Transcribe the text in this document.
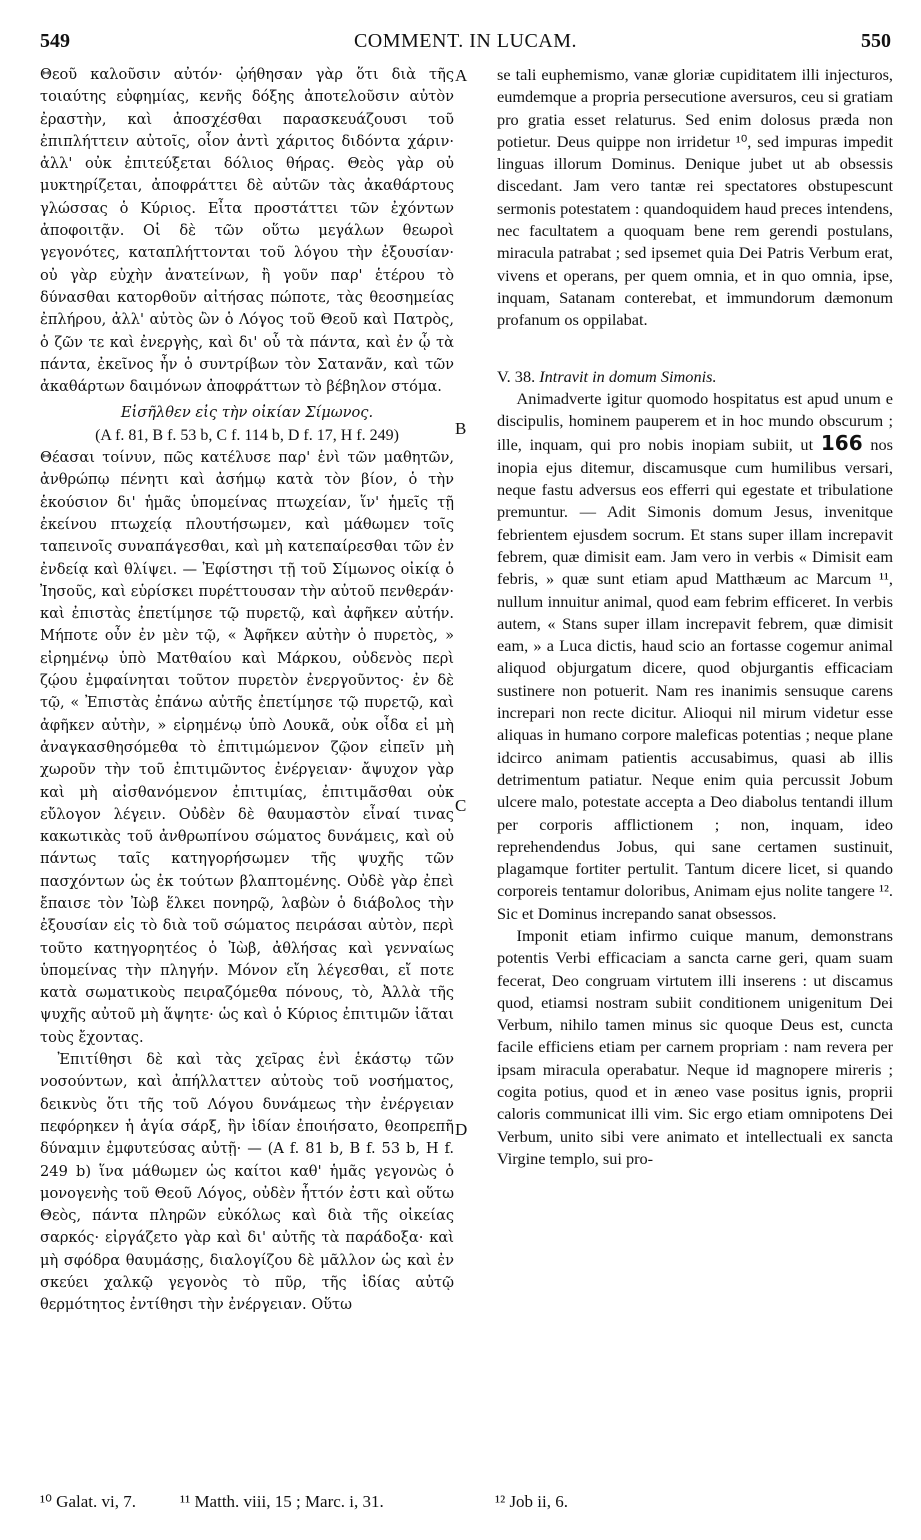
549	COMMENT. IN LUCAM.	550

Θεοῦ καλοῦσιν αὐτόν· ᾠήθησαν γὰρ ὅτι διὰ τῆς τοιαύτης εὐφημίας, κενῆς δόξης ἀποτελοῦσιν αὐτὸν ἐραστὴν, καὶ ἀποσχέσθαι παρασκευάζουσι τοῦ ἐπιπλήττειν αὐτοῖς, οἷον ἀντὶ χάριτος διδόντα χάριν· ἀλλ' οὐκ ἐπιτεύξεται δόλιος θήρας. Θεὸς γὰρ οὐ μυκτηρίζεται, ἀποφράττει δὲ αὐτῶν τὰς ἀκαθάρτους γλώσσας ὁ Κύριος. Εἶτα προστάττει τῶν ἐχόντων ἀποφοιτᾷν. Οἱ δὲ τῶν οὕτω μεγάλων θεωροὶ γεγονότες, καταπλήττονται τοῦ λόγου τὴν ἐξουσίαν· οὐ γὰρ εὐχὴν ἀνατείνων, ἢ γοῦν παρ' ἑτέρου τὸ δύνασθαι κατορθοῦν αἰτήσας πώποτε, τὰς θεοσημείας ἐπλήρου, ἀλλ' αὐτὸς ὢν ὁ Λόγος τοῦ Θεοῦ καὶ Πατρὸς, ὁ ζῶν τε καὶ ἐνεργὴς, καὶ δι' οὗ τὰ πάντα, καὶ ἐν ᾧ τὰ πάντα, ἐκεῖνος ἦν ὁ συντρίβων τὸν Σατανᾶν, καὶ τῶν ἀκαθάρτων δαιμόνων ἀποφράττων τὸ βέβηλον στόμα.

Εἰσῆλθεν εἰς τὴν οἰκίαν Σίμωνος.

(A f. 81, B f. 53 b, C f. 114 b, D f. 17, H f. 249)

Θέασαι τοίνυν, πῶς κατέλυσε παρ' ἑνὶ τῶν μαθητῶν, ἀνθρώπῳ πένητι καὶ ἀσήμῳ κατὰ τὸν βίον, ὁ τὴν ἑκούσιον δι' ἡμᾶς ὑπομείνας πτωχείαν, ἵν' ἡμεῖς τῇ ἐκείνου πτωχείᾳ πλουτήσωμεν, καὶ μάθωμεν τοῖς ταπεινοῖς συναπάγεσθαι, καὶ μὴ κατεπαίρεσθαι τῶν ἐν ἐνδείᾳ καὶ θλίψει. — Ἐφίστησι τῇ τοῦ Σίμωνος οἰκίᾳ ὁ Ἰησοῦς, καὶ εὑρίσκει πυρέττουσαν τὴν αὐτοῦ πενθεράν· καὶ ἐπιστὰς ἐπετίμησε τῷ πυρετῷ, καὶ ἀφῆκεν αὐτήν. Μήποτε οὖν ἐν μὲν τῷ, « Ἀφῆκεν αὐτὴν ὁ πυρετὸς, » εἰρημένῳ ὑπὸ Ματθαίου καὶ Μάρκου, οὐδενὸς περὶ ζῴου ἐμφαίνηται τοῦτον πυρετὸν ἐνεργοῦντος· ἐν δὲ τῷ, « Ἐπιστὰς ἐπάνω αὐτῆς ἐπετίμησε τῷ πυρετῷ, καὶ ἀφῆκεν αὐτὴν, » εἰρημένῳ ὑπὸ Λουκᾶ, οὐκ οἶδα εἰ μὴ ἀναγκασθησόμεθα τὸ ἐπιτιμώμενον ζῷον εἰπεῖν μὴ χωροῦν τὴν τοῦ ἐπιτιμῶντος ἐνέργειαν· ἄψυχον γὰρ καὶ μὴ αἰσθανόμενον ἐπιτιμίας, ἐπιτιμᾶσθαι οὐκ εὔλογον λέγειν. Οὐδὲν δὲ θαυμαστὸν εἶναί τινας κακωτικὰς τοῦ ἀνθρωπίνου σώματος δυνάμεις, καὶ οὐ πάντως ταῖς κατηγορήσωμεν τῆς ψυχῆς τῶν πασχόντων ὡς ἐκ τούτων βλαπτομένης. Οὐδὲ γὰρ ἐπεὶ ἔπαισε τὸν Ἰὼβ ἕλκει πονηρῷ, λαβὼν ὁ διάβολος τὴν ἐξουσίαν εἰς τὸ διὰ τοῦ σώματος πειράσαι αὐτὸν, περὶ τοῦτο κατηγορητέος ὁ Ἰὼβ, ἀθλήσας καὶ γενναίως ὑπομείνας τὴν πληγήν. Μόνον εἴη λέγεσθαι, εἴ ποτε κατὰ σωματικοὺς πειραζόμεθα πόνους, τὸ, Ἀλλὰ τῆς ψυχῆς αὐτοῦ μὴ ἅψητε· ὡς καὶ ὁ Κύριος ἐπιτιμῶν ἰᾶται τοὺς ἔχοντας.

Ἐπιτίθησι δὲ καὶ τὰς χεῖρας ἑνὶ ἑκάστῳ τῶν νοσούντων, καὶ ἀπήλλαττεν αὐτοὺς τοῦ νοσήματος, δεικνὺς ὅτι τῆς τοῦ Λόγου δυνάμεως τὴν ἐνέργειαν πεφόρηκεν ἡ ἁγία σάρξ, ἣν ἰδίαν ἐποιήσατο, θεοπρεπῆ δύναμιν ἐμφυτεύσας αὐτῇ· — (A f. 81 b, B f. 53 b, H f. 249 b) ἵνα μάθωμεν ὡς καίτοι καθ' ἡμᾶς γεγονὼς ὁ μονογενὴς τοῦ Θεοῦ Λόγος, οὐδὲν ἧττόν ἐστι καὶ οὕτω Θεὸς, πάντα πληρῶν εὐκόλως καὶ διὰ τῆς οἰκείας σαρκός· εἰργάζετο γὰρ καὶ δι' αὐτῆς τὰ παράδοξα· καὶ μὴ σφόδρα θαυμάσῃς, διαλογίζου δὲ μᾶλλον ὡς καὶ ἐν σκεύει χαλκῷ γεγονὸς τὸ πῦρ, τῆς ἰδίας αὐτῷ θερμότητος ἐντίθησι τὴν ἐνέργειαν. Οὕτω

A
B
C
D

se tali euphemismo, vanæ gloriæ cupiditatem illi injecturos, eumdemque a propria persecutione aversuros, ceu si gratiam pro gratia esset relaturus. Sed enim dolosus præda non potietur. Deus quippe non irridetur ¹⁰, sed impuras impedit linguas illorum Dominus. Denique jubet ut ab obsessis discedant. Jam vero tantæ rei spectatores obstupescunt sermonis potestatem : quandoquidem haud preces intendens, nec facultatem a quoquam bene rem gerendi postulans, miracula patrabat ; sed ipsemet quia Dei Patris Verbum erat, vivens et operans, per quem omnia, et in quo omnia, ipse, inquam, Satanam conterebat, et immundorum dæmonum profanum os oppilabat.

V. 38. Intravit in domum Simonis.

Animadverte igitur quomodo hospitatus est apud unum e discipulis, hominem pauperem et in hoc mundo obscurum ; ille, inquam, qui pro nobis inopiam subiit, ut 166 nos inopia ejus ditemur, discamusque cum humilibus versari, neque fastu adversus eos efferri qui egestate et tribulatione premuntur. — Adit Simonis domum Jesus, invenitque febrientem ejusdem socrum. Et stans super illam increpavit febrem, quæ dimisit eam. Jam vero in verbis « Dimisit eam febris, » quæ sunt etiam apud Matthæum ac Marcum ¹¹, nullum innuitur animal, quod eam febrim efficeret. In verbis autem, « Stans super illam increpavit febrem, quæ dimisit eam, » a Luca dictis, haud scio an fortasse cogemur animal aliquod objurgatum dicere, quod objurgantis efficaciam sustinere non potuerit. Nam res inanimis sensuque carens increpari non recte dicitur. Alioqui nil mirum videtur esse aliquas in humano corpore maleficas potentias ; neque plane idcirco animam patientis accusabimus, quasi ab illis detrimentum patiatur. Neque enim quia percussit Jobum ulcere malo, potestate accepta a Deo diabolus tentandi illum per corporis afflictionem ; non, inquam, ideo reprehendendus Jobus, qui sane certamen sustinuit, plagamque fortiter pertulit. Tantum dicere licet, si quando corporeis tentamur doloribus, Animam ejus nolite tangere ¹². Sic et Dominus increpando sanat obsessos.

Imponit etiam infirmo cuique manum, demonstrans potentis Verbi efficaciam a sancta carne geri, quam suam fecerat, Deo congruam virtutem illi inserens : ut discamus quod, etiamsi nostram subiit conditionem unigenitum Dei Verbum, nihilo tamen minus sic quoque Deus est, cuncta facile efficiens etiam per carnem propriam : nam revera per ipsam miracula operabatur. Neque id magnopere mireris ; cogita potius, quod et in æneo vase positus ignis, proprii caloris communicat illi vim. Sic ergo etiam omnipotens Dei Verbum, unito sibi vere animato et intellectuali ex sancta Virgine templo, sui pro-

¹⁰ Galat. vi, 7.	¹¹ Matth. viii, 15 ; Marc. i, 31.	¹² Job ii, 6.
